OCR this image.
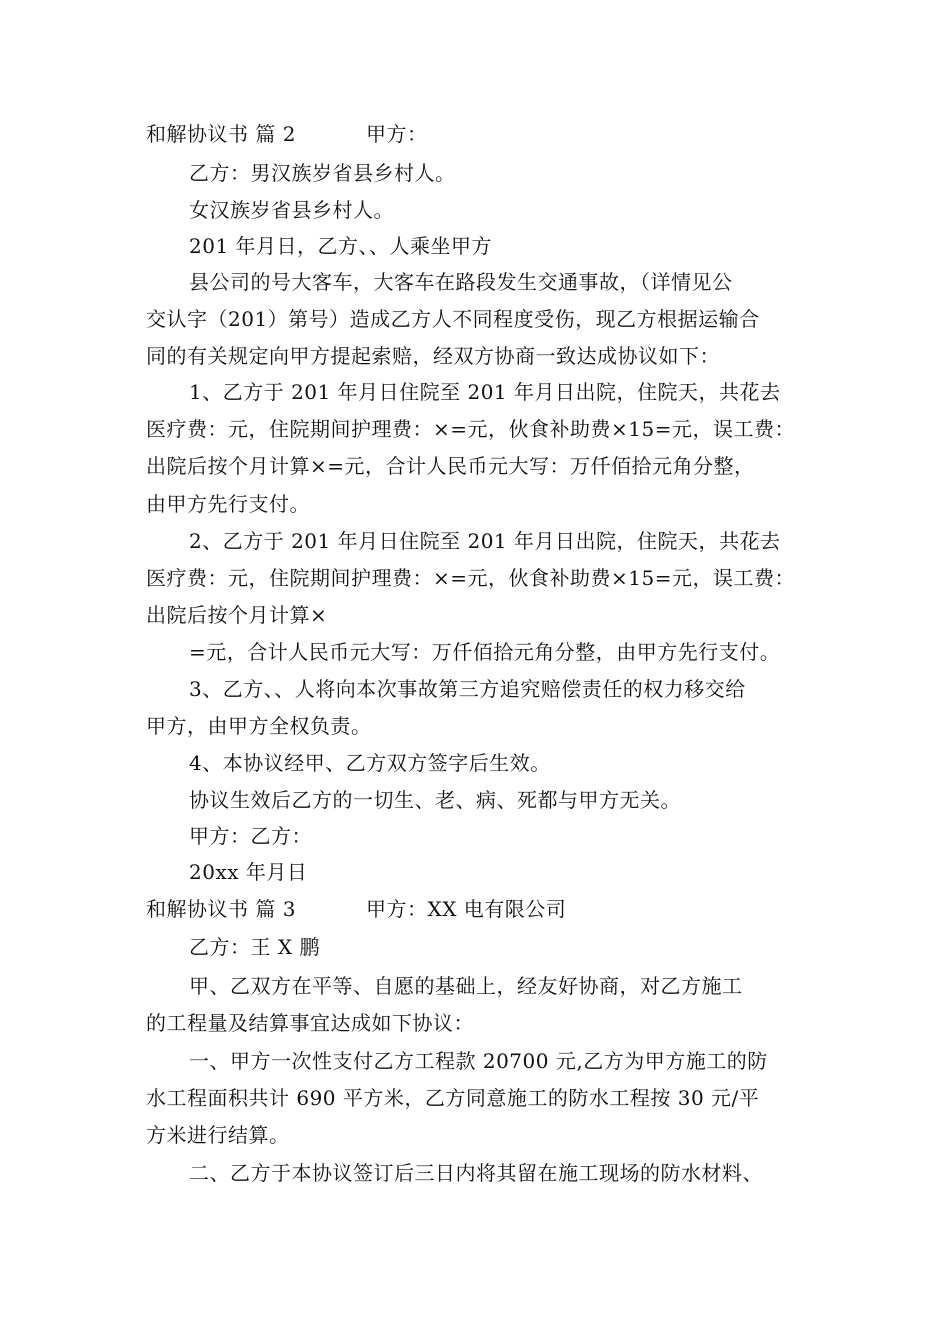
和解协议书 篇 2	甲方：
乙方：男汉族岁省县乡村人。
女汉族岁省县乡村人。
201 年月日，乙方、、人乘坐甲方
县公司的号大客车，大客车在路段发生交通事故，（详情见公
交认字（201）第号）造成乙方人不同程度受伤，现乙方根据运输合
同的有关规定向甲方提起索赔，经双方协商一致达成协议如下：
1、乙方于 201 年月日住院至 201 年月日出院，住院天，共花去
医疗费：元，住院期间护理费：×=元，伙食补助费×15=元，误工费：
出院后按个月计算×=元，合计人民币元大写：万仟佰拾元角分整，
由甲方先行支付。
2、乙方于 201 年月日住院至 201 年月日出院，住院天，共花去
医疗费：元，住院期间护理费：×=元，伙食补助费×15=元，误工费：
出院后按个月计算×
=元，合计人民币元大写：万仟佰拾元角分整，由甲方先行支付。
3、乙方、、人将向本次事故第三方追究赔偿责任的权力移交给
甲方，由甲方全权负责。
4、本协议经甲、乙方双方签字后生效。
协议生效后乙方的一切生、老、病、死都与甲方无关。
甲方：乙方：
20xx 年月日
和解协议书 篇 3	甲方：XX 电有限公司
乙方：王 X 鹏
甲、乙双方在平等、自愿的基础上，经友好协商，对乙方施工
的工程量及结算事宜达成如下协议：
一、甲方一次性支付乙方工程款 20700 元,乙方为甲方施工的防
水工程面积共计 690 平方米，乙方同意施工的防水工程按 30 元/平
方米进行结算。
二、乙方于本协议签订后三日内将其留在施工现场的防水材料、
